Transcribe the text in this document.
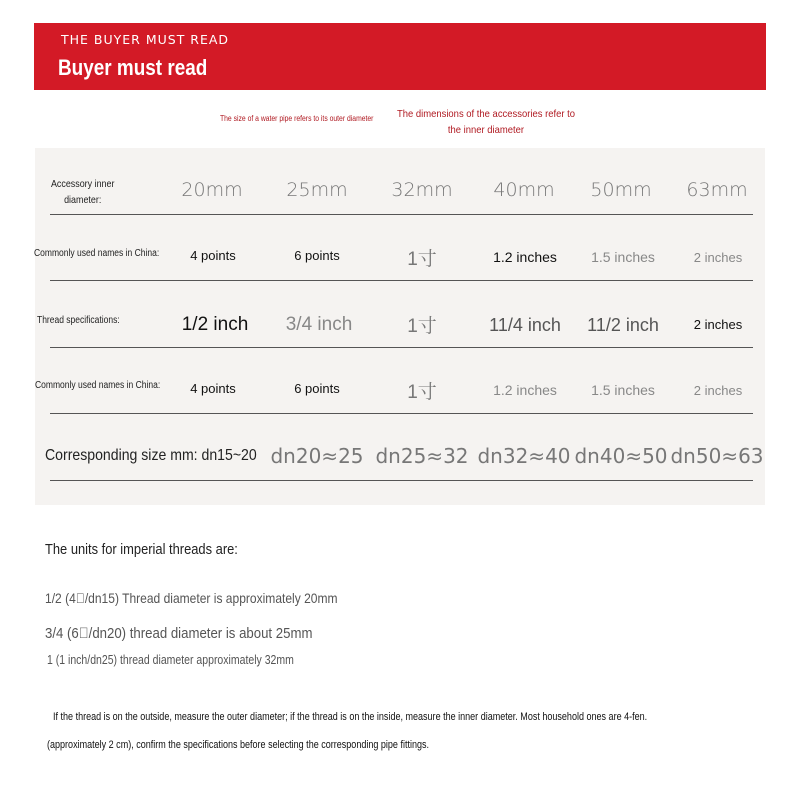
THE BUYER MUST READ
Buyer must read
The size of a water pipe refers to its outer diameter The dimensions of the accessories refer to the inner diameter
Accessory inner diameter:	20mm	25mm	32mm	40mm	50mm	63mm
Commonly used names in China:	4 points	6 points	1寸	1.2 inches	1.5 inches	2 inches
Thread specifications:	1/2 inch	3/4 inch	1寸	11/4 inch	11/2 inch	2 inches
Commonly used names in China:	4 points	6 points	1寸	1.2 inches	1.5 inches	2 inches
Corresponding size mm: dn15~20 dn20≈25 dn25≈32 dn32≈40 dn40≈50 dn50≈63
The units for imperial threads are:
1/2 (4 /dn15) Thread diameter is approximately 20mm
3/4 (6 /dn20) thread diameter is about 25mm
1 (1 inch/dn25) thread diameter approximately 32mm
If the thread is on the outside, measure the outer diameter; if the thread is on the inside, measure the inner diameter. Most household ones are 4-fen.
(approximately 2 cm), confirm the specifications before selecting the corresponding pipe fittings.
